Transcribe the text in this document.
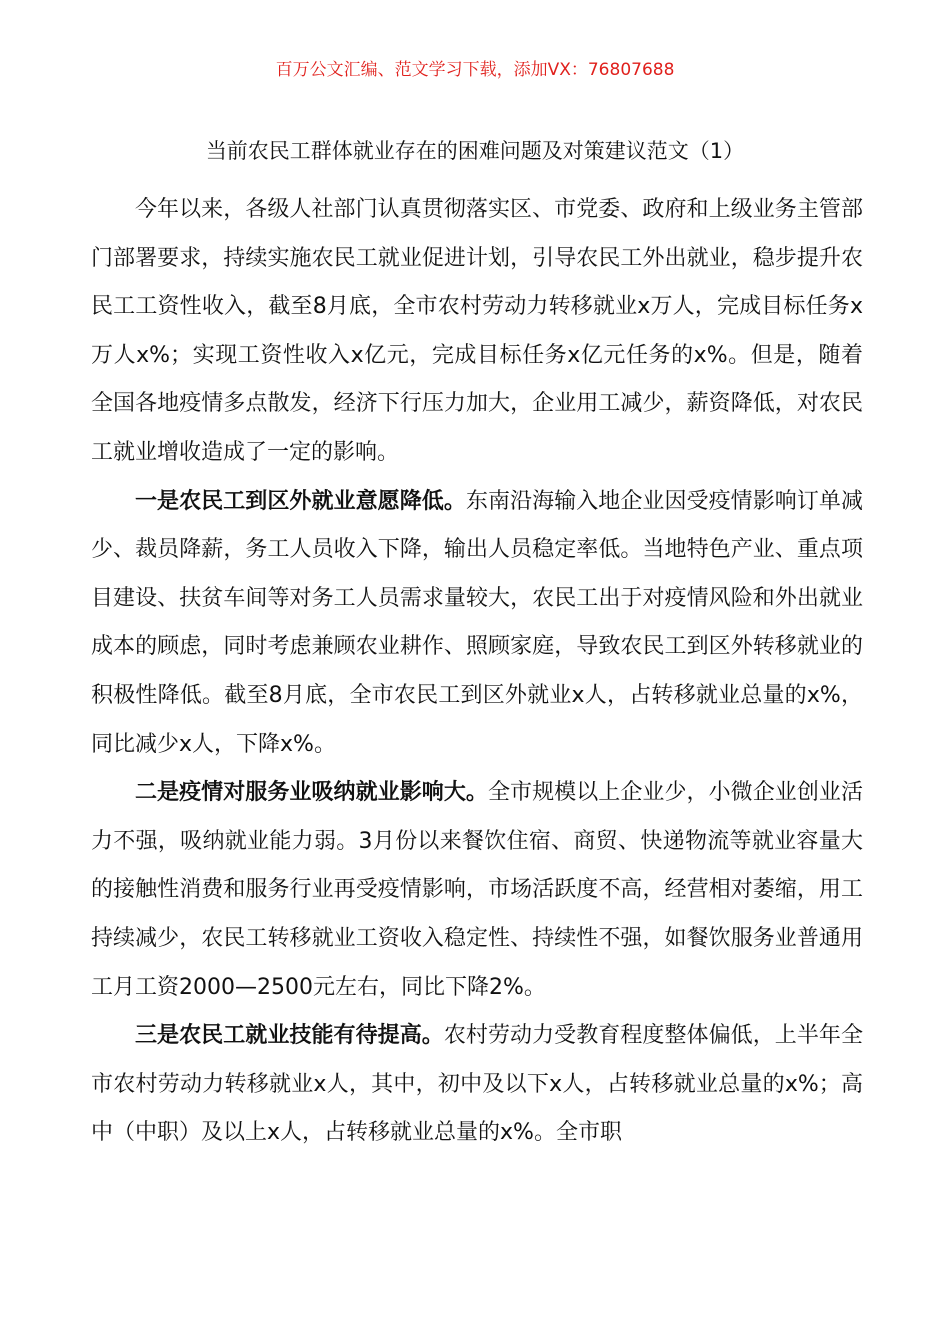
百万公文汇编、范文学习下载，添加VX：76807688
当前农民工群体就业存在的困难问题及对策建议范文（1）

今年以来，各级人社部门认真贯彻落实区、市党委、政府和上级业务主管部门部署要求，持续实施农民工就业促进计划，引导农民工外出就业，稳步提升农民工工资性收入，截至8月底，全市农村劳动力转移就业x万人，完成目标任务x万人x%；实现工资性收入x亿元，完成目标任务x亿元任务的x%。但是，随着全国各地疫情多点散发，经济下行压力加大，企业用工减少，薪资降低，对农民工就业增收造成了一定的影响。

一是农民工到区外就业意愿降低。东南沿海输入地企业因受疫情影响订单减少、裁员降薪，务工人员收入下降，输出人员稳定率低。当地特色产业、重点项目建设、扶贫车间等对务工人员需求量较大，农民工出于对疫情风险和外出就业成本的顾虑，同时考虑兼顾农业耕作、照顾家庭，导致农民工到区外转移就业的积极性降低。截至8月底，全市农民工到区外就业x人，占转移就业总量的x%，同比减少x人，下降x%。

二是疫情对服务业吸纳就业影响大。全市规模以上企业少，小微企业创业活力不强，吸纳就业能力弱。3月份以来餐饮住宿、商贸、快递物流等就业容量大的接触性消费和服务行业再受疫情影响，市场活跃度不高，经营相对萎缩，用工持续减少，农民工转移就业工资收入稳定性、持续性不强，如餐饮服务业普通用工月工资2000—2500元左右，同比下降2%。

三是农民工就业技能有待提高。农村劳动力受教育程度整体偏低，上半年全市农村劳动力转移就业x人，其中，初中及以下x人，占转移就业总量的x%；高中（中职）及以上x人，占转移就业总量的x%。全市职
